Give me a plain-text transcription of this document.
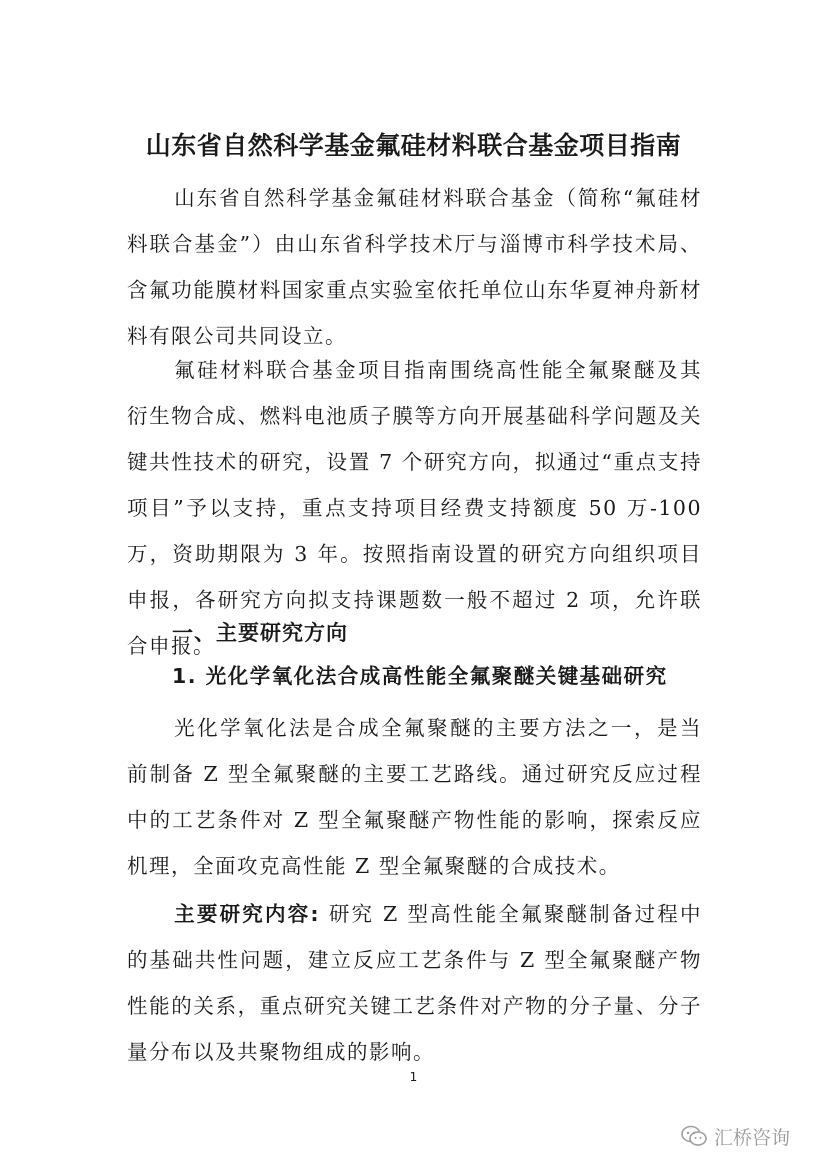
山东省自然科学基金氟硅材料联合基金项目指南

山东省自然科学基金氟硅材料联合基金（简称“氟硅材料联合基金”）由山东省科学技术厅与淄博市科学技术局、含氟功能膜材料国家重点实验室依托单位山东华夏神舟新材料有限公司共同设立。

氟硅材料联合基金项目指南围绕高性能全氟聚醚及其衍生物合成、燃料电池质子膜等方向开展基础科学问题及关键共性技术的研究，设置 7 个研究方向，拟通过“重点支持项目”予以支持，重点支持项目经费支持额度 50 万-100 万，资助期限为 3 年。按照指南设置的研究方向组织项目申报，各研究方向拟支持课题数一般不超过 2 项，允许联合申报。

一、主要研究方向
1. 光化学氧化法合成高性能全氟聚醚关键基础研究

光化学氧化法是合成全氟聚醚的主要方法之一，是当前制备 Z 型全氟聚醚的主要工艺路线。通过研究反应过程中的工艺条件对 Z 型全氟聚醚产物性能的影响，探索反应机理，全面攻克高性能 Z 型全氟聚醚的合成技术。

主要研究内容: 研究 Z 型高性能全氟聚醚制备过程中的基础共性问题，建立反应工艺条件与 Z 型全氟聚醚产物性能的关系，重点研究关键工艺条件对产物的分子量、分子量分布以及共聚物组成的影响。

1
汇桥咨询
